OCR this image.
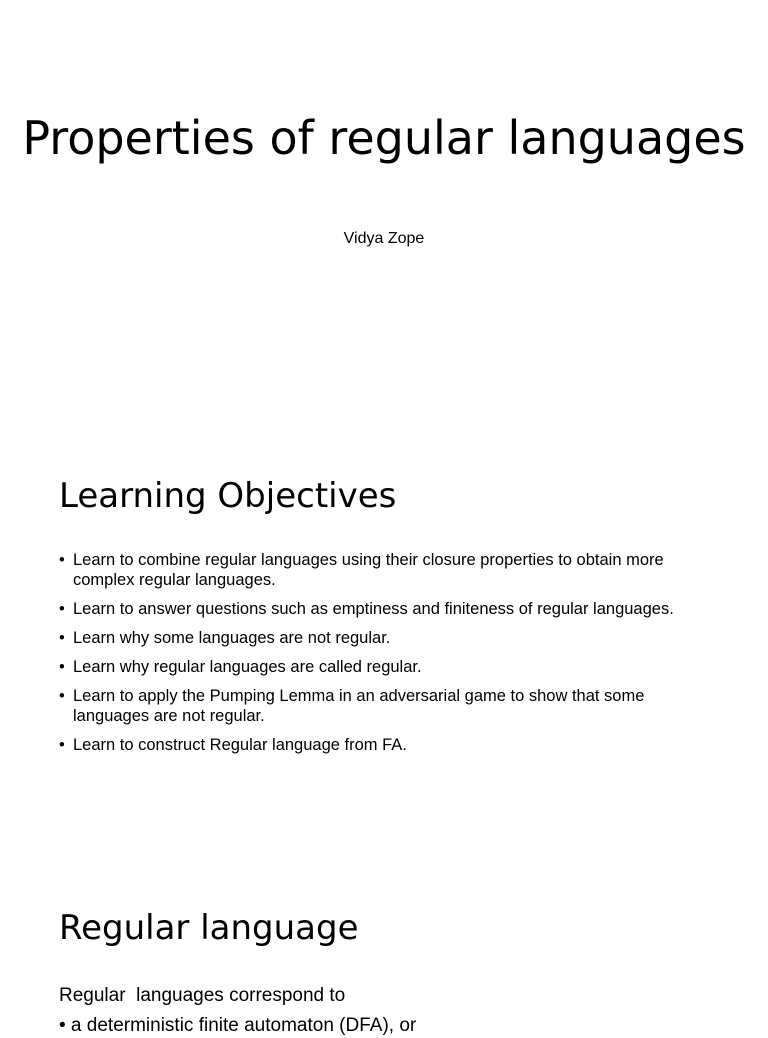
Properties of regular languages

Vidya Zope

Learning Objectives
• Learn to combine regular languages using their closure properties to obtain more complex regular languages.
• Learn to answer questions such as emptiness and finiteness of regular languages.
• Learn why some languages are not regular.
• Learn why regular languages are called regular.
• Learn to apply the Pumping Lemma in an adversarial game to show that some languages are not regular.
• Learn to construct Regular language from FA.
Regular language

Regular  languages correspond to

• a deterministic finite automaton (DFA), or
